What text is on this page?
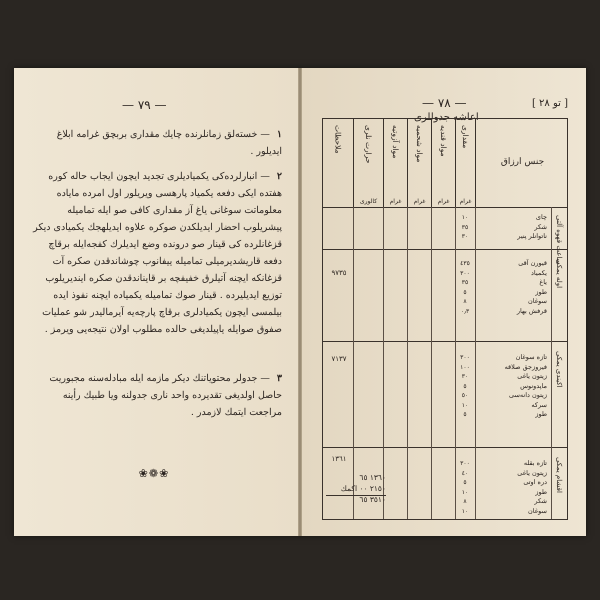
— ٧٩ —
١ — خسته‌لق زمانلرنده چایك مقداری بربچق غرامه ابلاغ ایدیلور .
٢ — انبارلرده‌کی یکمیادیلری تجدید ایچون ایجاب حاله کوره هفتده ایکی دفعه یکمیاد پارهسی ویریلور اول امرده مایاده معلوماتت سوغانی یاغ آز مقداری کافی صو ایله تمامیله پیشریلوب احضار ایدیلکدن صوکره علاوه ایدیلهجك یکمیادی دیکر قزغانلرده کی قینار صو درونده وضع ایدیلرك کفجه‌ایله برقاچ دفعه قاریشدیرمیلی تمامیله ییفانوب چوشاندقدن صکره آت قزغانکه ایچنه آتیلرق خفیفچه بر قایناندقدن صکره ایندیریلوب توزیع ایدیلیرده . قینار صوك تمامیله یکمیاده ایچنه نفوذ ایده بیلمسی ایچون یکمیادلری برقاچ پارچه‌یه آیرمالیدر شو عملیات صفوق صوایله یاپیلدیغی حالده مطلوب اولان نتیجه‌یی ویرمز .
٣ — جدولر محتویاتنك دیکر مازمه ایله مبادله‌سنه مجبوریت حاصل اولدیغی تقدیرده واحد نارى جدولنه ویا طبیك رأینه مراجعت ایتمك لازمدر .
❀❁❀
— ٧٨ —
اعاشه جدوللری
[ تو ٢٨ ]
ملاحظات	حرارت نلری
کالوری
مواد آزوتیه
غرام
مواد شحمیه
غرام
مواد قندیه
غرام
مقداری
غرام
جنس ارزاق
ساعت قهوه آلتی
چای
شکر
ناتوانلر پنیر
١٠
٣٥
٣٠
اوله یمکی
قیورن آقی
یکمیاد
یاغ
طوز
سوغان
قرفش بهار
٤٣٥
٣٠٠
٣٥
٥
٨
٠٫٣
٩٧٣٥
اکیندی یمکی
تازه سوغان
فیروزجق صلاقه
زیتون یاغی
ماپدونوس
زیتون دانه‌سی
سرکه
طوز
٣٠٠
١٠٠
٣٠
٥
٥٠
١٠
٥
٧١٣٧
اقشام یمکی
تازه بقله
زیتون یاغی
دره اوتی
طوز
شکر
سوغان
٣٠٠
٤٠
٥
١٠
٨
١٠
١٣٦١
١٣٦٠ ٦٥
٢١٥٠ ٠٠ اکمك
٣٥١٠ ٦٥
